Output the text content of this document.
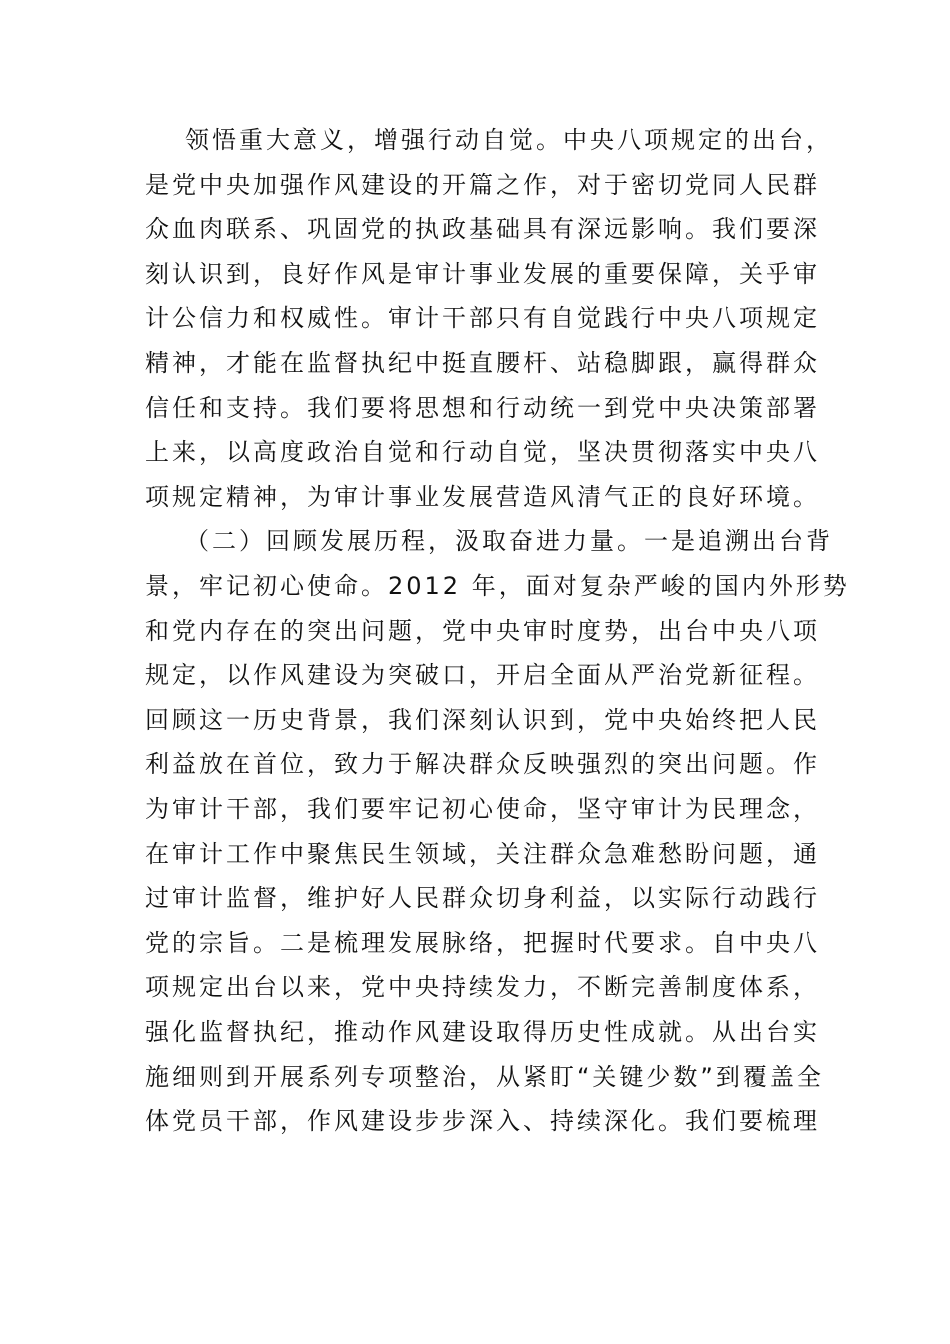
领悟重大意义，增强行动自觉。中央八项规定的出台，
是党中央加强作风建设的开篇之作，对于密切党同人民群
众血肉联系、巩固党的执政基础具有深远影响。我们要深
刻认识到，良好作风是审计事业发展的重要保障，关乎审
计公信力和权威性。审计干部只有自觉践行中央八项规定
精神，才能在监督执纪中挺直腰杆、站稳脚跟，赢得群众
信任和支持。我们要将思想和行动统一到党中央决策部署
上来，以高度政治自觉和行动自觉，坚决贯彻落实中央八
项规定精神，为审计事业发展营造风清气正的良好环境。
（二）回顾发展历程，汲取奋进力量。一是追溯出台背
景，牢记初心使命。2012 年，面对复杂严峻的国内外形势
和党内存在的突出问题，党中央审时度势，出台中央八项
规定，以作风建设为突破口，开启全面从严治党新征程。
回顾这一历史背景，我们深刻认识到，党中央始终把人民
利益放在首位，致力于解决群众反映强烈的突出问题。作
为审计干部，我们要牢记初心使命，坚守审计为民理念，
在审计工作中聚焦民生领域，关注群众急难愁盼问题，通
过审计监督，维护好人民群众切身利益，以实际行动践行
党的宗旨。二是梳理发展脉络，把握时代要求。自中央八
项规定出台以来，党中央持续发力，不断完善制度体系，
强化监督执纪，推动作风建设取得历史性成就。从出台实
施细则到开展系列专项整治，从紧盯“关键少数”到覆盖全
体党员干部，作风建设步步深入、持续深化。我们要梳理
